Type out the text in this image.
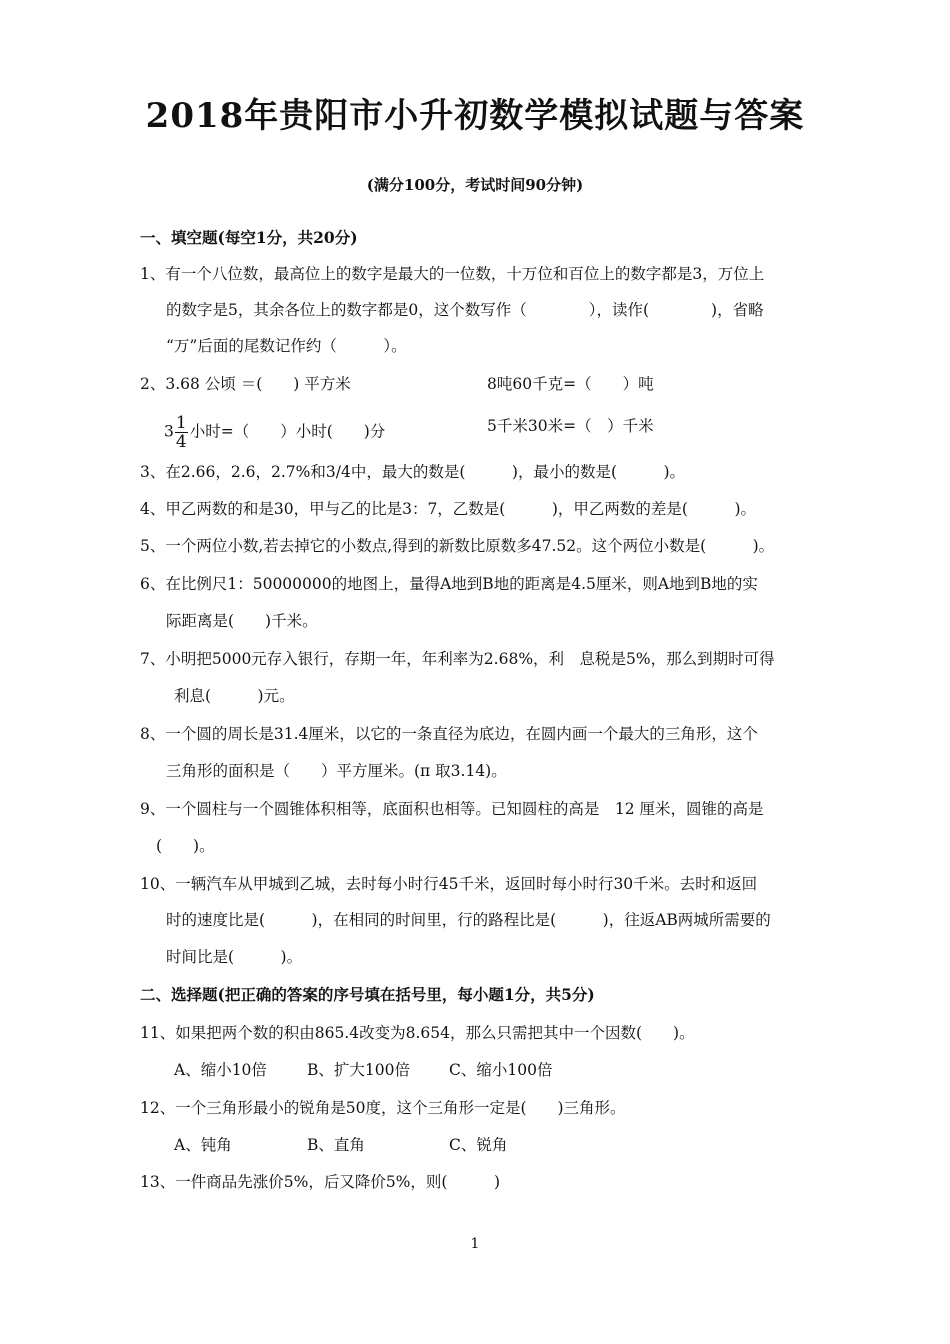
2018年贵阳市小升初数学模拟试题与答案
(满分100分，考试时间90分钟)
一、填空题(每空1分，共20分)
1、有一个八位数，最高位上的数字是最大的一位数，十万位和百位上的数字都是3，万位上
的数字是5，其余各位上的数字都是0，这个数写作（　　　　），读作(　　　　)，省略
“万”后面的尾数记作约（　　　）。
2、3.68 公顷 ＝(　　) 平方米	8吨60千克=（　　）吨
$3 \frac{1}{4}$ 小时=（　　）小时(　　)分	5千米30米=（　）千米
3、在2.66，2.6，2.7%和3/4中，最大的数是(　　　)，最小的数是(　　　)。
4、甲乙两数的和是30，甲与乙的比是3：7，乙数是(　　　)，甲乙两数的差是(　　　)。
5、一个两位小数,若去掉它的小数点,得到的新数比原数多47.52。这个两位小数是(　　　)。
6、在比例尺1：50000000的地图上，量得A地到B地的距离是4.5厘米，则A地到B地的实
际距离是(　　)千米。
7、小明把5000元存入银行，存期一年，年利率为2.68%，利　息税是5%，那么到期时可得
利息(　　　)元。
8、一个圆的周长是31.4厘米，以它的一条直径为底边，在圆内画一个最大的三角形，这个
三角形的面积是（　　）平方厘米。(π 取3.14)。
9、一个圆柱与一个圆锥体积相等，底面积也相等。已知圆柱的高是　12 厘米，圆锥的高是
(　　)。
10、一辆汽车从甲城到乙城，去时每小时行45千米，返回时每小时行30千米。去时和返回
时的速度比是(　　　)，在相同的时间里，行的路程比是(　　　)，往返AB两城所需要的
时间比是(　　　)。
二、选择题(把正确的答案的序号填在括号里，每小题1分，共5分)
11、如果把两个数的积由865.4改变为8.654，那么只需把其中一个因数(　　)。
A、缩小10倍	B、扩大100倍	C、缩小100倍
12、一个三角形最小的锐角是50度，这个三角形一定是(　　)三角形。
A、钝角	B、直角	C、锐角
13、一件商品先涨价5%，后又降价5%，则(　　　)
1
